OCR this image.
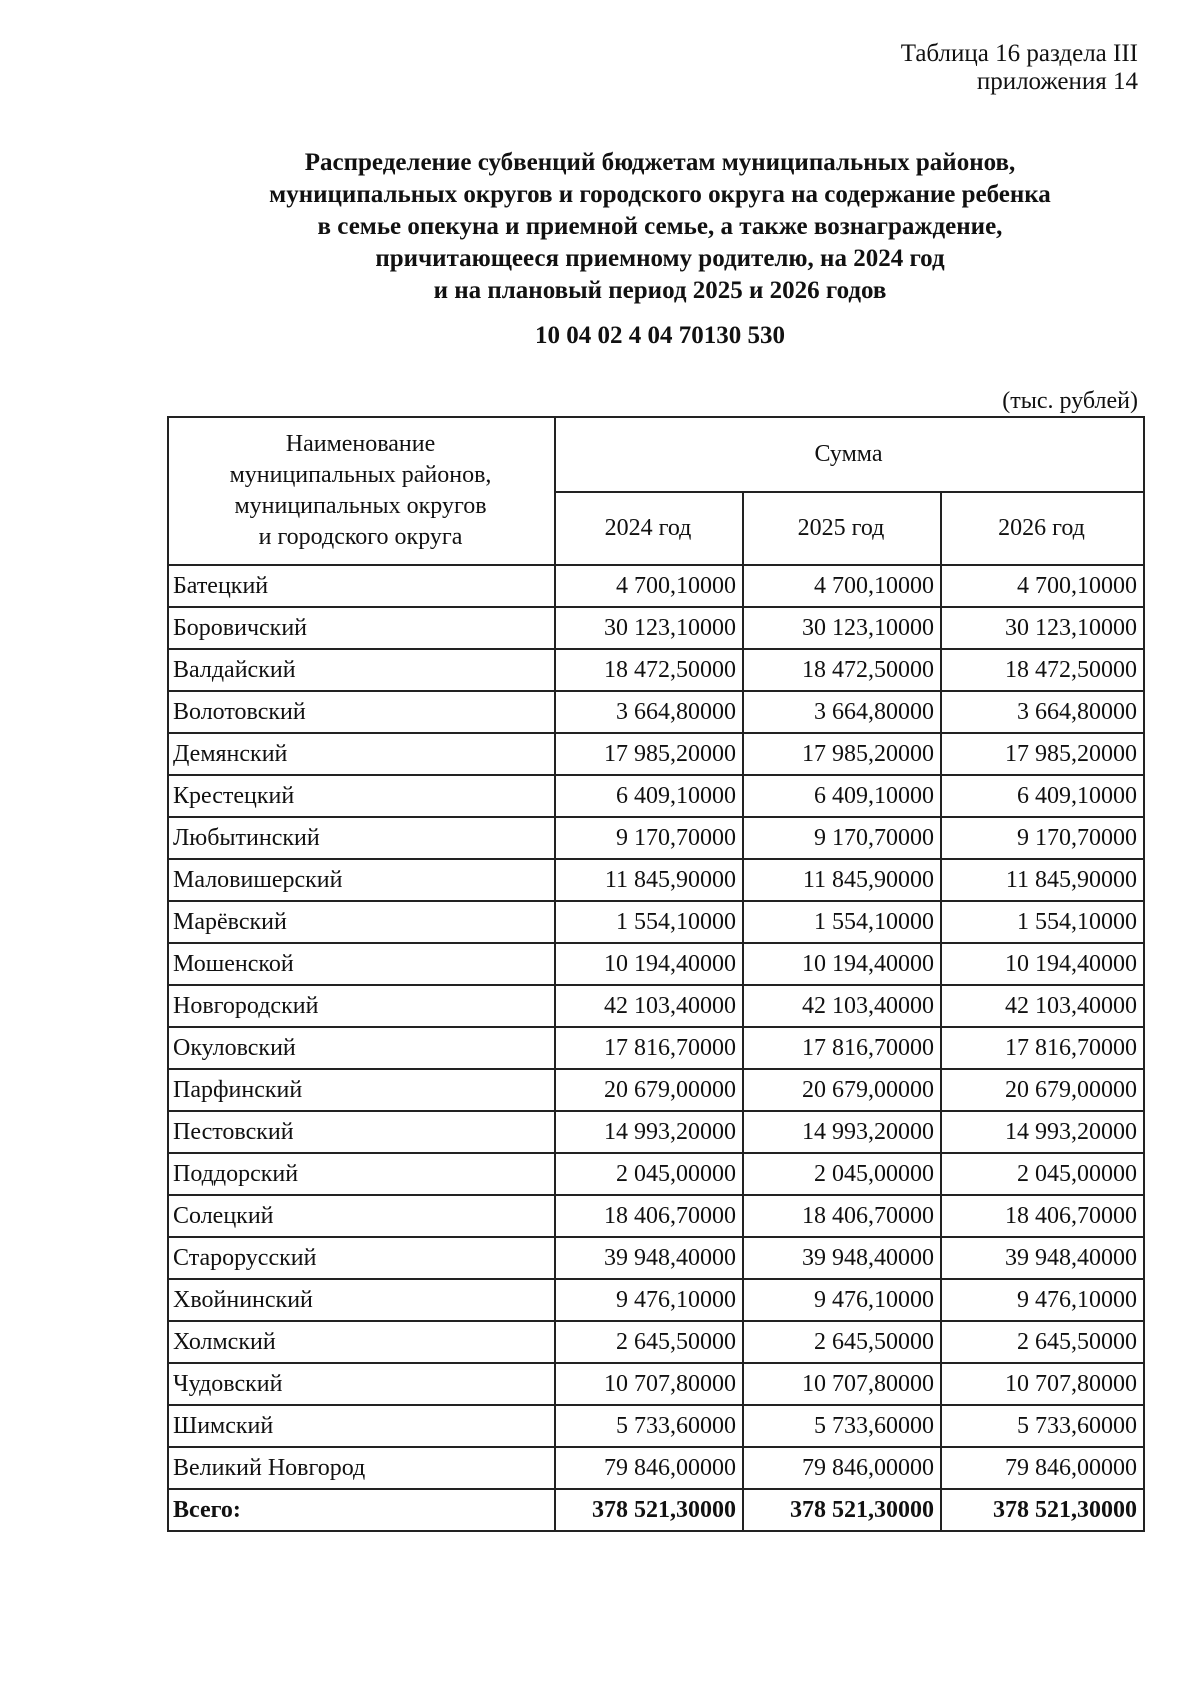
Таблица 16 раздела III
приложения 14
Распределение субвенций бюджетам муниципальных районов,
муниципальных округов и городского округа на содержание ребенка
в семье опекуна и приемной семье, а также вознаграждение,
причитающееся приемному родителю, на 2024 год
и на плановый период 2025 и 2026 годов
10 04 02 4 04 70130 530
(тыс. рублей)
Наименование
муниципальных районов,
муниципальных округов
и городского округа	Сумма		
	2024 год	2025 год	2026 год
Батецкий	4 700,10000	4 700,10000	4 700,10000
Боровичский	30 123,10000	30 123,10000	30 123,10000
Валдайский	18 472,50000	18 472,50000	18 472,50000
Волотовский	3 664,80000	3 664,80000	3 664,80000
Демянский	17 985,20000	17 985,20000	17 985,20000
Крестецкий	6 409,10000	6 409,10000	6 409,10000
Любытинский	9 170,70000	9 170,70000	9 170,70000
Маловишерский	11 845,90000	11 845,90000	11 845,90000
Марёвский	1 554,10000	1 554,10000	1 554,10000
Мошенской	10 194,40000	10 194,40000	10 194,40000
Новгородский	42 103,40000	42 103,40000	42 103,40000
Окуловский	17 816,70000	17 816,70000	17 816,70000
Парфинский	20 679,00000	20 679,00000	20 679,00000
Пестовский	14 993,20000	14 993,20000	14 993,20000
Поддорский	2 045,00000	2 045,00000	2 045,00000
Солецкий	18 406,70000	18 406,70000	18 406,70000
Старорусский	39 948,40000	39 948,40000	39 948,40000
Хвойнинский	9 476,10000	9 476,10000	9 476,10000
Холмский	2 645,50000	2 645,50000	2 645,50000
Чудовский	10 707,80000	10 707,80000	10 707,80000
Шимский	5 733,60000	5 733,60000	5 733,60000
Великий Новгород	79 846,00000	79 846,00000	79 846,00000
Всего:	378 521,30000	378 521,30000	378 521,30000
